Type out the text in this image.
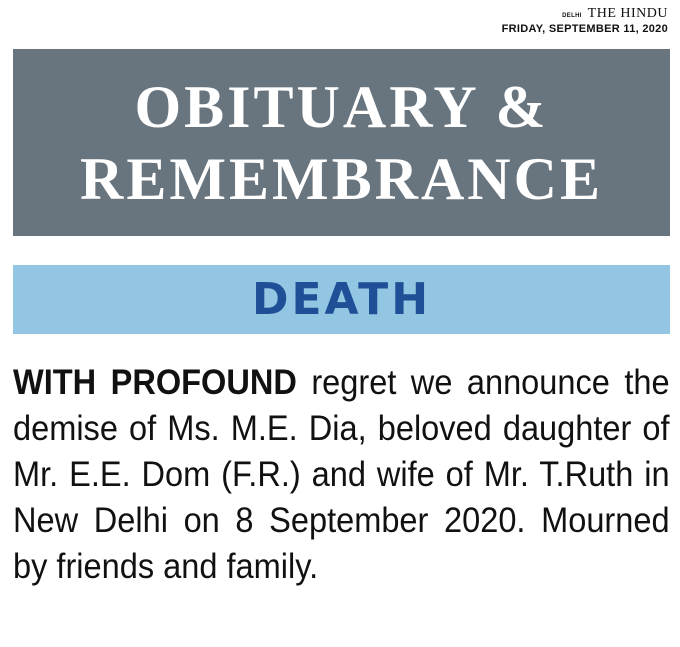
DELHI THE HINDU
FRIDAY, SEPTEMBER 11, 2020
OBITUARY &
REMEMBRANCE
DEATH
WITH PROFOUND regret we announce the demise of Ms. M.E. Dia, beloved daughter of Mr. E.E. Dom (F.R.) and wife of Mr. T.Ruth in New Delhi on 8 September 2020. Mourned by friends and family.
